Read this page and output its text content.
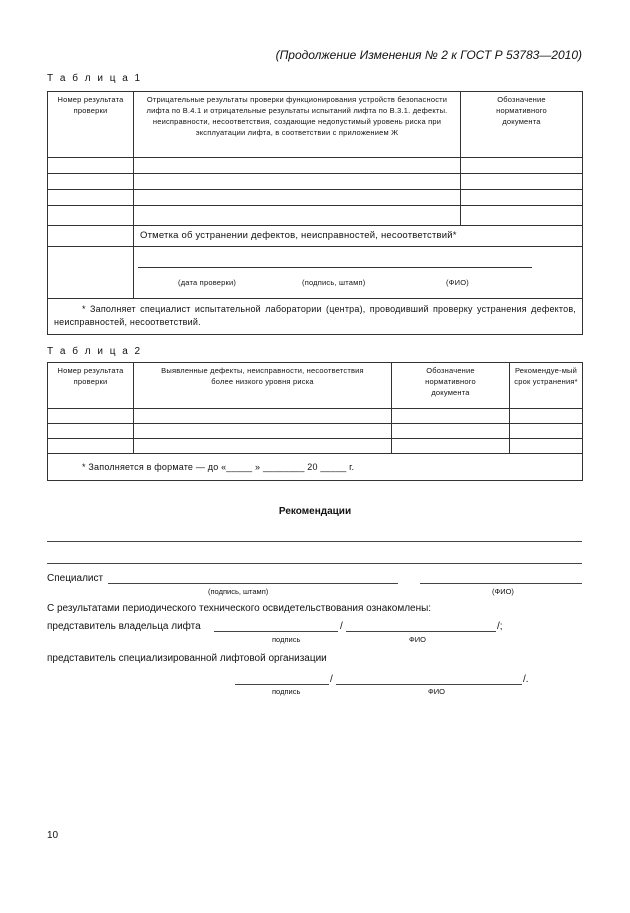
(Продолжение Изменения № 2 к ГОСТ Р 53783—2010)
Т а б л и ц а 1
Номер результата проверки	Отрицательные результаты проверки функционирования устройств безопасности лифта по В.4.1 и отрицательные результаты испытаний лифта по В.3.1. дефекты. неисправности, несоответствия, создающие недопустимый уровень риска при эксплуатации лифта, в соответствии с приложением Ж	Обозначение нормативного документа

	Отметка об устранении дефектов, неисправностей, несоответствий*	

	(дата проверки) (подпись, штамп) (ФИО)	

* Заполняет специалист испытательной лаборатории (центра), проводивший проверку устранения дефектов, неисправностей, несоответствий.		
Т а б л и ц а 2
Номер результата проверки	Выявленные дефекты, неисправности, несоответствия более низкого уровня риска	Обозначение нормативного документа	Рекомендуе-мый срок устранения*

* Заполняется в формате — до «_____ » ________ 20 _____ г.			
Рекомендации
Специалист
(подпись, штамп)	(ФИО)
С результатами периодического технического освидетельствования ознакомлены:
представитель владельца лифта	/	/;
подпись	ФИО
представитель специализированной лифтовой организации
/	/.
подпись	ФИО
10
